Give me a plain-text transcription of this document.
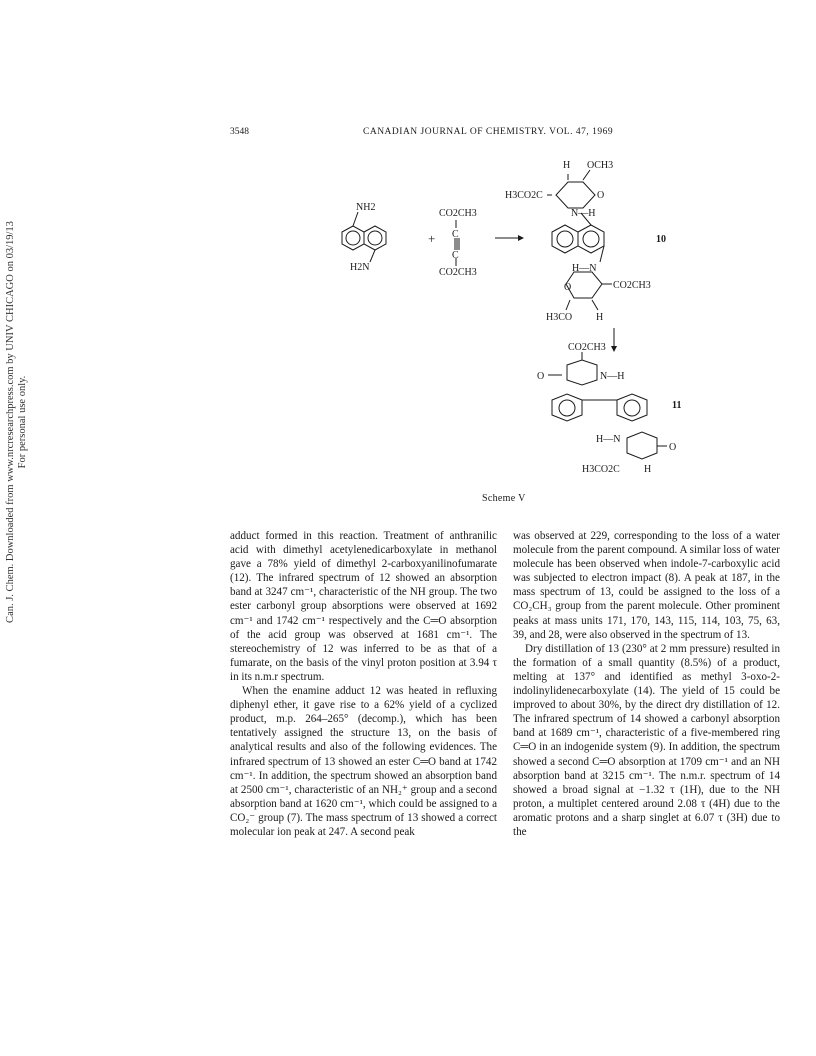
3548	CANADIAN JOURNAL OF CHEMISTRY. VOL. 47, 1969
Can. J. Chem. Downloaded from www.nrcresearchpress.com by UNIV CHICAGO on 03/19/13 For personal use only.
NH2
H2N
CO2CH3
C
C
CO2CH3
+
H OCH3
H3CO2C	O
N—H
10
H—N
O	CO2CH3
H3CO H
CO2CH3
O	N—H
11
H—N
O
H3CO2C H
Scheme V

adduct formed in this reaction. Treatment of anthranilic acid with dimethyl acetylenedicarboxylate in methanol gave a 78% yield of dimethyl 2-carboxyanilinofumarate (12). The infrared spectrum of 12 showed an absorption band at 3247 cm⁻¹, characteristic of the NH group. The two ester carbonyl group absorptions were observed at 1692 cm⁻¹ and 1742 cm⁻¹ respectively and the C═O absorption of the acid group was observed at 1681 cm⁻¹. The stereochemistry of 12 was inferred to be as that of a fumarate, on the basis of the vinyl proton position at 3.94 τ in its n.m.r spectrum.

When the enamine adduct 12 was heated in refluxing diphenyl ether, it gave rise to a 62% yield of a cyclized product, m.p. 264–265° (decomp.), which has been tentatively assigned the structure 13, on the basis of analytical results and also of the following evidences. The infrared spectrum of 13 showed an ester C═O band at 1742 cm⁻¹. In addition, the spectrum showed an absorption band at 2500 cm⁻¹, characteristic of an NH₂⁺ group and a second absorption band at 1620 cm⁻¹, which could be assigned to a CO₂⁻ group (7). The mass spectrum of 13 showed a correct molecular ion peak at 247. A second peak

was observed at 229, corresponding to the loss of a water molecule from the parent compound. A similar loss of water molecule has been observed when indole-7-carboxylic acid was subjected to electron impact (8). A peak at 187, in the mass spectrum of 13, could be assigned to the loss of a CO₂CH₃ group from the parent molecule. Other prominent peaks at mass units 171, 170, 143, 115, 114, 103, 75, 63, 39, and 28, were also observed in the spectrum of 13.

Dry distillation of 13 (230° at 2 mm pressure) resulted in the formation of a small quantity (8.5%) of a product, melting at 137° and identified as methyl 3-oxo-2-indolinylidenecarboxylate (14). The yield of 15 could be improved to about 30%, by the direct dry distillation of 12. The infrared spectrum of 14 showed a carbonyl absorption band at 1689 cm⁻¹, characteristic of a five-membered ring C═O in an indogenide system (9). In addition, the spectrum showed a second C═O absorption at 1709 cm⁻¹ and an NH absorption band at 3215 cm⁻¹. The n.m.r. spectrum of 14 showed a broad signal at −1.32 τ (1H), due to the NH proton, a multiplet centered around 2.08 τ (4H) due to the aromatic protons and a sharp singlet at 6.07 τ (3H) due to the
